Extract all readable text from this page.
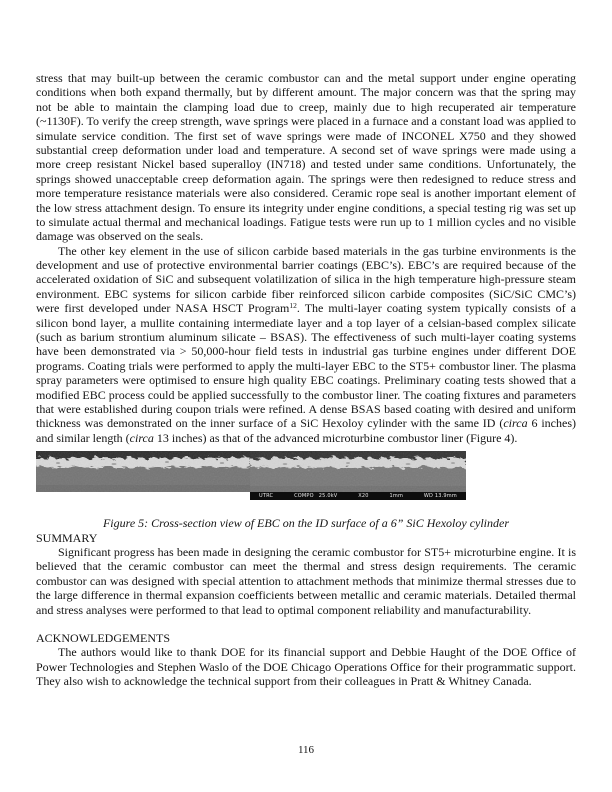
stress that may built-up between the ceramic combustor can and the metal support under engine operating conditions when both expand thermally, but by different amount. The major concern was that the spring may not be able to maintain the clamping load due to creep, mainly due to high recuperated air temperature (~1130F). To verify the creep strength, wave springs were placed in a furnace and a constant load was applied to simulate service condition. The first set of wave springs were made of INCONEL X750 and they showed substantial creep deformation under load and temperature. A second set of wave springs were made using a more creep resistant Nickel based superalloy (IN718) and tested under same conditions. Unfortunately, the springs showed unacceptable creep deformation again. The springs were then redesigned to reduce stress and more temperature resistance materials were also considered. Ceramic rope seal is another important element of the low stress attachment design. To ensure its integrity under engine conditions, a special testing rig was set up to simulate actual thermal and mechanical loadings. Fatigue tests were run up to 1 million cycles and no visible damage was observed on the seals.

The other key element in the use of silicon carbide based materials in the gas turbine environments is the development and use of protective environmental barrier coatings (EBC’s). EBC’s are required because of the accelerated oxidation of SiC and subsequent volatilization of silica in the high temperature high-pressure steam environment. EBC systems for silicon carbide fiber reinforced silicon carbide composites (SiC/SiC CMC’s) were first developed under NASA HSCT Program$^{12}$. The multi-layer coating system typically consists of a silicon bond layer, a mullite containing intermediate layer and a top layer of a celsian-based complex silicate (such as barium strontium aluminum silicate – BSAS). The effectiveness of such multi-layer coating systems have been demonstrated via > 50,000-hour field tests in industrial gas turbine engines under different DOE programs. Coating trials were performed to apply the multi-layer EBC to the ST5+ combustor liner. The plasma spray parameters were optimised to ensure high quality EBC coatings. Preliminary coating tests showed that a modified EBC process could be applied successfully to the combustor liner. The coating fixtures and parameters that were established during coupon trials were refined. A dense BSAS based coating with desired and uniform thickness was demonstrated on the inner surface of a SiC Hexoloy cylinder with the same ID (circa 6 inches) and similar length (circa 13 inches) as that of the advanced microturbine combustor liner (Figure 4).

UTRC	COMPO 25.0kV	X20	1mm	WD 13.9mm
Figure 5: Cross-section view of EBC on the ID surface of a 6” SiC Hexoloy cylinder
SUMMARY

Significant progress has been made in designing the ceramic combustor for ST5+ microturbine engine. It is believed that the ceramic combustor can meet the thermal and stress design requirements. The ceramic combustor can was designed with special attention to attachment methods that minimize thermal stresses due to the large difference in thermal expansion coefficients between metallic and ceramic materials. Detailed thermal and stress analyses were performed to that lead to optimal component reliability and manufacturability.

ACKNOWLEDGEMENTS

The authors would like to thank DOE for its financial support and Debbie Haught of the DOE Office of Power Technologies and Stephen Waslo of the DOE Chicago Operations Office for their programmatic support. They also wish to acknowledge the technical support from their colleagues in Pratt & Whitney Canada.

116
